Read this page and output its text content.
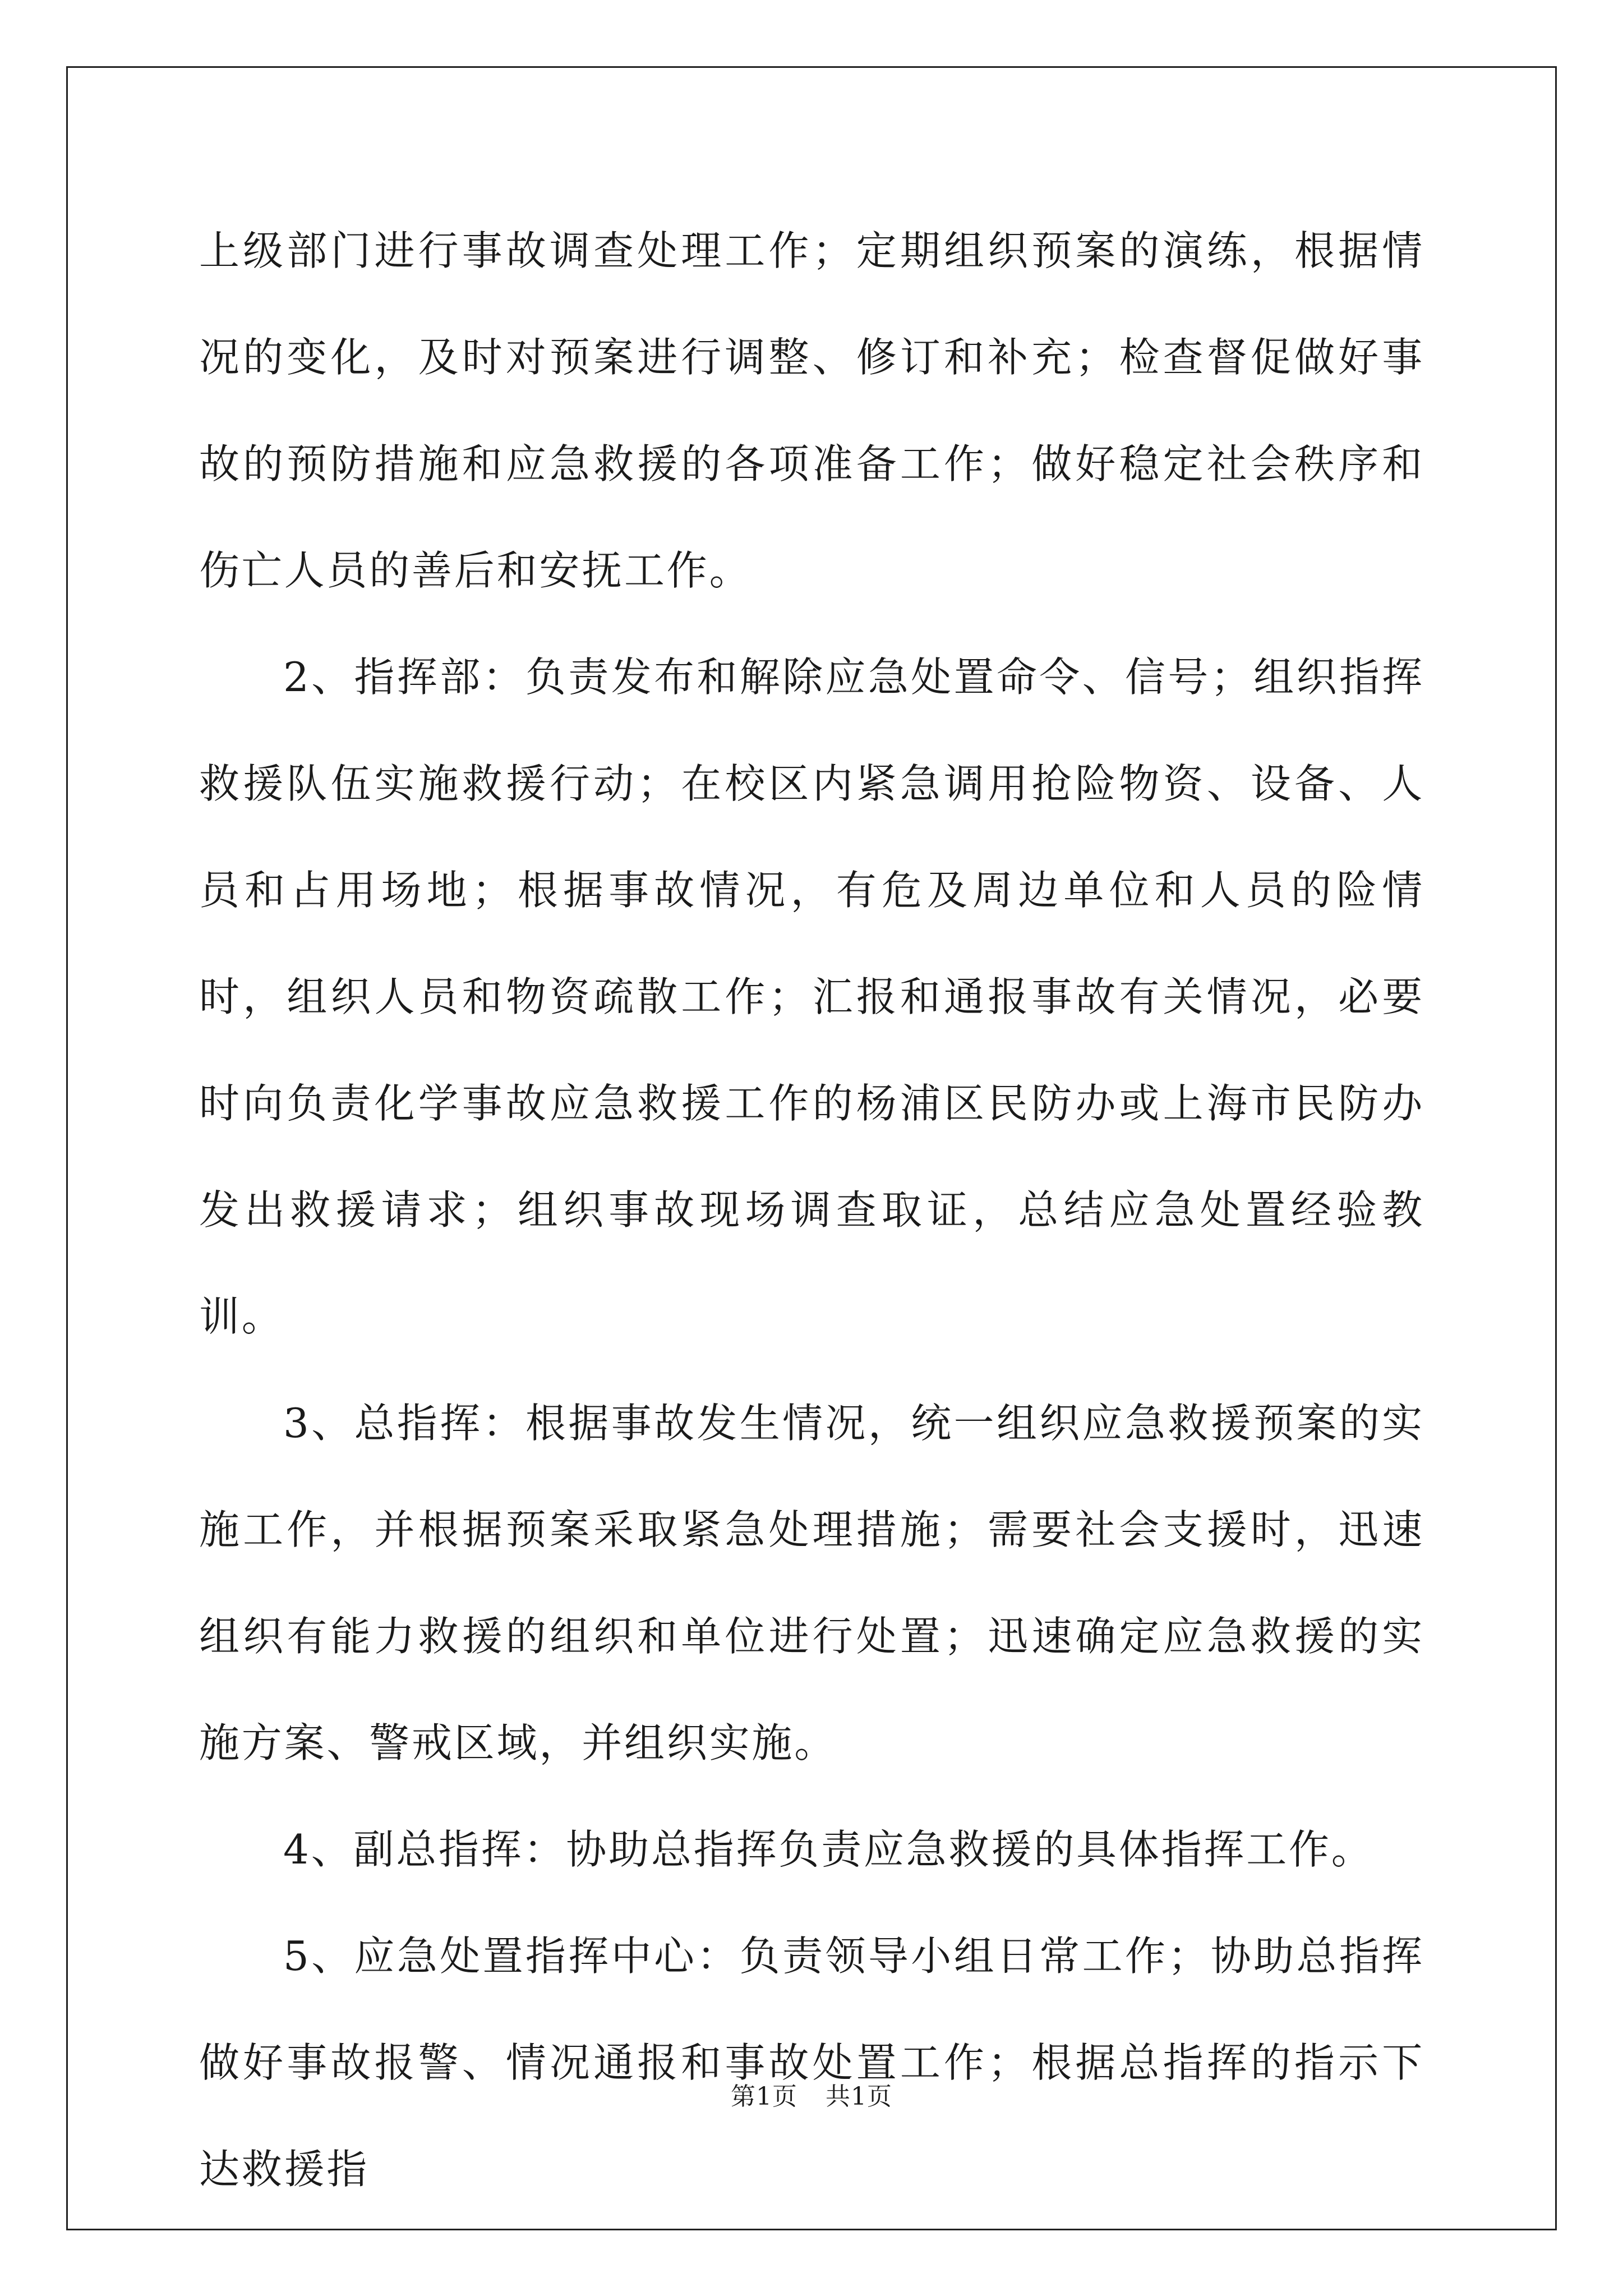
上级部门进行事故调查处理工作；定期组织预案的演练，根据情况的变化，及时对预案进行调整、修订和补充；检查督促做好事故的预防措施和应急救援的各项准备工作；做好稳定社会秩序和伤亡人员的善后和安抚工作。

2、指挥部：负责发布和解除应急处置命令、信号；组织指挥救援队伍实施救援行动；在校区内紧急调用抢险物资、设备、人员和占用场地；根据事故情况，有危及周边单位和人员的险情时，组织人员和物资疏散工作；汇报和通报事故有关情况，必要时向负责化学事故应急救援工作的杨浦区民防办或上海市民防办发出救援请求；组织事故现场调查取证，总结应急处置经验教训。

3、总指挥：根据事故发生情况，统一组织应急救援预案的实施工作，并根据预案采取紧急处理措施；需要社会支援时，迅速组织有能力救援的组织和单位进行处置；迅速确定应急救援的实施方案、警戒区域，并组织实施。

4、副总指挥：协助总指挥负责应急救援的具体指挥工作。

5、应急处置指挥中心：负责领导小组日常工作；协助总指挥做好事故报警、情况通报和事故处置工作；根据总指挥的指示下达救援指

第1页 共1页
